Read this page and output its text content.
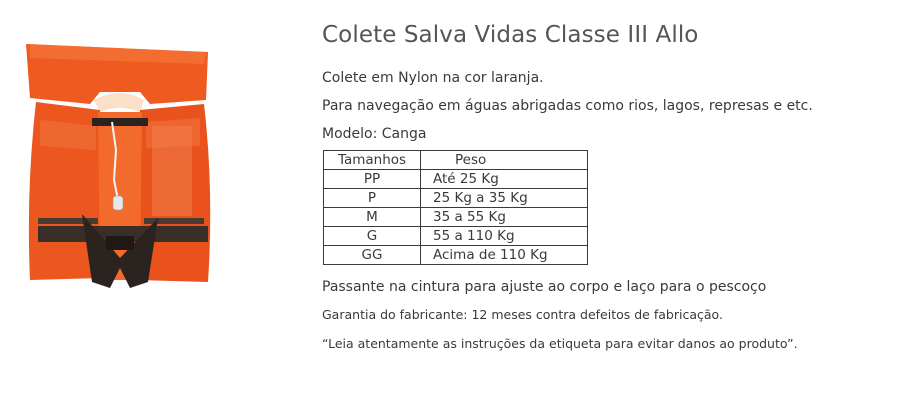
Colete Salva Vidas Classe III Allo

Colete em Nylon na cor laranja.

Para navegação em águas abrigadas como rios, lagos, represas e etc.

Modelo: Canga

Tamanhos	Peso
PP	Até 25 Kg
P	25 Kg a 35 Kg
M	35 a 55 Kg
G	55 a 110 Kg
GG	Acima de 110 Kg

Passante na cintura para ajuste ao corpo e laço para o pescoço

Garantia do fabricante: 12 meses contra defeitos de fabricação.

“Leia atentamente as instruções da etiqueta para evitar danos ao produto”.
